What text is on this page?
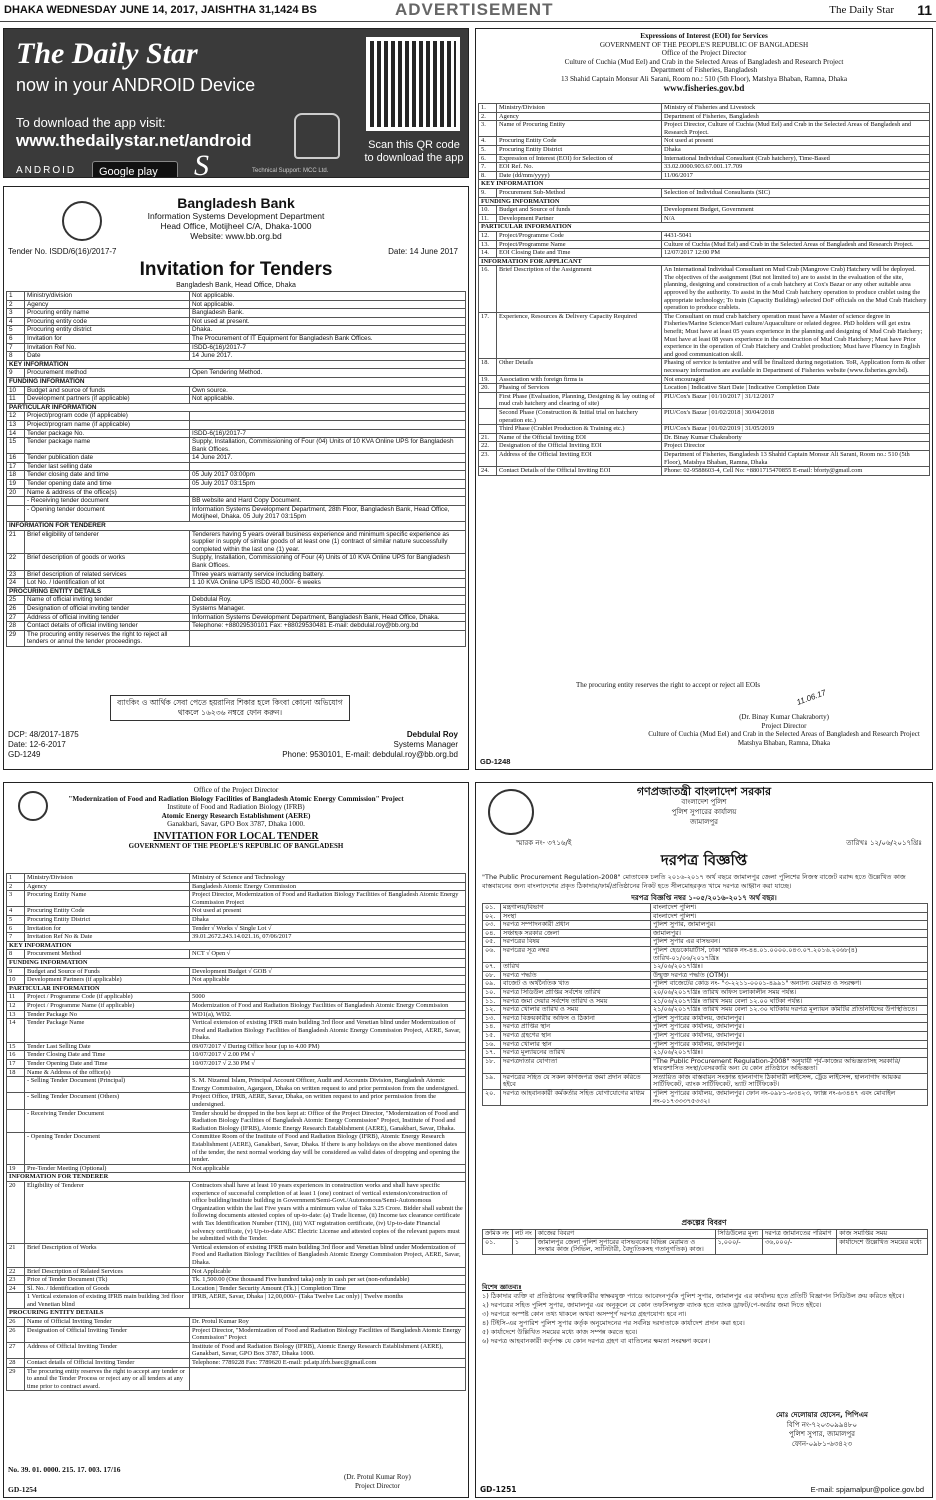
DHAKA WEDNESDAY JUNE 14, 2017, JAISHTHA 31,1424 BS	ADVERTISEMENT	The Daily Star 11
The Daily Star
now in your ANDROID Device
To download the app visit:
www.thedailystar.net/android
ANDROID	Google play	S
Scan this QR code to download the app
Technical Support: MCC Ltd.
Bangladesh Bank
Information Systems Development Department
Head Office, Motijheel C/A, Dhaka-1000
Website: www.bb.org.bd
Tender No. ISDD/6(16)/2017-7	Date: 14 June 2017
Invitation for Tenders
Bangladesh Bank, Head Office, Dhaka
1	Ministry/division	Not applicable.
2	Agency	Not applicable.
3	Procuring entity name	Bangladesh Bank.
4	Procuring entity code	Not used at present.
5	Procuring entity district	Dhaka.
6	Invitation for	The Procurement of IT Equipment for Bangladesh Bank Offices.
7	Invitation Ref No.	ISDD-6(16)/2017-7
8	Date	14 June 2017.
KEY INFORMATION		
9	Procurement method	Open Tendering Method.
FUNDING INFORMATION		
10	Budget and source of funds	Own source.
11	Development partners (if applicable)	Not applicable.
PARTICULAR INFORMATION		
12	Project/program code (if applicable)	
13	Project/program name (if applicable)	
14	Tender package No.	ISDD-6(16)/2017-7
15	Tender package name	Supply, Installation, Commissioning of Four (04) Units of 10 KVA Online UPS for Bangladesh Bank Offices.
16	Tender publication date	14 June 2017.
17	Tender last selling date	
18	Tender closing date and time	05 July 2017 03:00pm
19	Tender opening date and time	05 July 2017 03:15pm
20	Name & address of the office(s)	
	- Receiving tender document	BB website and Hard Copy Document.
	- Opening tender document	Information Systems Development Department, 28th Floor, Bangladesh Bank, Head Office, Motijheel, Dhaka. 05 July 2017 03:15pm
INFORMATION FOR TENDERER		
21	Brief eligibility of tenderer	Tenderers having 5 years overall business experience and minimum specific experience as supplier in supply of similar goods of at least one (1) contract of similar nature successfully completed within the last one (1) year.
22	Brief description of goods or works	Supply, Installation, Commissioning of Four (4) Units of 10 KVA Online UPS for Bangladesh Bank Offices.
23	Brief description of related services	Three years warranty service including battery.
24	Lot No. / Identification of lot	1 10 KVA Online UPS ISDD 40,000/- 6 weeks
PROCURING ENTITY DETAILS		
25	Name of official inviting tender	Debdulal Roy.
26	Designation of official inviting tender	Systems Manager.
27	Address of official inviting tender	Information Systems Development Department, Bangladesh Bank, Head Office, Dhaka.
28	Contact details of official inviting tender	Telephone: +88029530101 Fax: +88029530481 E-mail: debdulal.roy@bb.org.bd
29	The procuring entity reserves the right to reject all tenders or annul the tender proceedings.	
ব্যাংকিং ও আর্থিক সেবা পেতে হয়রানির শিকার হলে কিংবা কোনো অভিযোগ থাকলে ১৬২৩৬ নম্বরে ফোন করুন।
DCP: 48/2017-1875
Date: 12-6-2017
GD-1249
Debdulal Roy
Systems Manager
Phone: 9530101, E-mail: debdulal.roy@bb.org.bd
Expressions of Interest (EOI) for Services
GOVERNMENT OF THE PEOPLE'S REPUBLIC OF BANGLADESH
Office of the Project Director
Culture of Cuchia (Mud Eel) and Crab in the Selected Areas of Bangladesh and Research Project
Department of Fisheries, Bangladesh
13 Shahid Captain Monsur Ali Sarani, Room no.: 510 (5th Floor), Matshya Bhaban, Ramna, Dhaka
www.fisheries.gov.bd
1.	Ministry/Division	Ministry of Fisheries and Livestock
2.	Agency	Department of Fisheries, Bangladesh
3.	Name of Procuring Entity	Project Director, Culture of Cuchia (Mud Eel) and Crab in the Selected Areas of Bangladesh and Research Project.
4.	Procuring Entity Code	Not used at present
5.	Procuring Entity District	Dhaka
6.	Expression of Interest (EOI) for Selection of	International Individual Consultant (Crab hatchery), Time-Based
7.	EOI Ref. No.	33.02.0000.903.67.001.17.709
8.	Date (dd/mm/yyyy)	11/06/2017
KEY INFORMATION		
9.	Procurement Sub-Method	Selection of Individual Consultants (SIC)
FUNDING INFORMATION		
10.	Budget and Source of funds	Development Budget, Government
11.	Development Partner	N/A
PARTICULAR INFORMATION		
12.	Project/Programme Code	4431-5041
13.	Project/Programme Name	Culture of Cuchia (Mud Eel) and Crab in the Selected Areas of Bangladesh and Research Project.
14.	EOI Closing Date and Time	12/07/2017 12:00 PM
INFORMATION FOR APPLICANT		
16.	Brief Description of the Assignment	An International Individual Consultant on Mud Crab (Mangrove Crab) Hatchery will be deployed. The objectives of the assignment (But not limited to) are to assist in the evaluation of the site, planning, designing and construction of a crab hatchery at Cox's Bazar or any other suitable area approved by the authority. To assist in the Mud Crab hatchery operation to produce crablet using the appropriate technology; To train (Capacity Building) selected DoF officials on the Mud Crab Hatchery operation to produce crablets.
17.	Experience, Resources & Delivery Capacity Required	The Consultant on mud crab hatchery operation must have a Master of science degree in Fisheries/Marine Science/Mari culture/Aquaculture or related degree. PhD holders will get extra benefit; Must have at least 05 years experience in the planning and designing of Mud Crab Hatchery; Must have at least 08 years experience in the construction of Mud Crab Hatchery; Must have Prior experience in the operation of Crab Hatchery and Crablet production; Must have Fluency in English and good communication skill.
18.	Other Details	Phasing of service is tentative and will be finalized during negotiation. ToR, Application form & other necessary information are available in Department of Fisheries website (www.fisheries.gov.bd).
19.	Association with foreign firms is	Not encouraged
20.	Phasing of Services	Location | Indicative Start Date | Indicative Completion Date
	First Phase (Evaluation, Planning, Designing & lay outing of mud crab hatchery and clearing of site)	PIU/Cox's Bazar | 01/10/2017 | 31/12/2017
	Second Phase (Construction & Initial trial on hatchery operation etc.)	PIU/Cox's Bazar | 01/02/2018 | 30/04/2018
	Third Phase (Crablet Production & Training etc.)	PIU/Cox's Bazar | 01/02/2019 | 31/05/2019
21.	Name of the Official Inviting EOI	Dr. Binay Kumar Chakraborty
22.	Designation of the Official Inviting EOI	Project Director
23.	Address of the Official Inviting EOI	Department of Fisheries, Bangladesh 13 Shahid Captain Monsur Ali Sarani, Room no.: 510 (5th Floor), Matshya Bhaban, Ramna, Dhaka
24.	Contact Details of the Official Inviting EOI	Phone: 02-9588603-4, Cell No: +8801715470855 E-mail: bforty@gmail.com
The procuring entity reserves the right to accept or reject all EOIs
11.06.17
(Dr. Binay Kumar Chakraborty)
Project Director
Culture of Cuchia (Mud Eel) and Crab in the Selected Areas of Bangladesh and Research Project
Matshya Bhaban, Ramna, Dhaka
GD-1248
Office of the Project Director
"Modernization of Food and Radiation Biology Facilities of Bangladesh Atomic Energy Commission" Project
Institute of Food and Radiation Biology (IFRB)
Atomic Energy Research Establishment (AERE)
Ganakbari, Savar, GPO Box 3787, Dhaka 1000.
INVITATION FOR LOCAL TENDER
GOVERNMENT OF THE PEOPLE'S REPUBLIC OF BANGLADESH
1	Ministry/Division	Ministry of Science and Technology
2	Agency	Bangladesh Atomic Energy Commission
3	Procuring Entity Name	Project Director, Modernization of Food and Radiation Biology Facilities of Bangladesh Atomic Energy Commission Project
4	Procuring Entity Code	Not used at present
5	Procuring Entity District	Dhaka
6	Invitation for	Tender √ Works √ Single Lot √
7	Invitation Ref No & Date	39.01.2672.243.14.021.16, 07/06/2017
KEY INFORMATION		
8	Procurement Method	NCT √ Open √
FUNDING INFORMATION		
9	Budget and Source of Funds	Development Budget √ GOB √
10	Development Partners (if applicable)	Not applicable
PARTICULAR INFORMATION		
11	Project / Programme Code (if applicable)	5000
12	Project / Programme Name (if applicable)	Modernization of Food and Radiation Biology Facilities of Bangladesh Atomic Energy Commission
13	Tender Package No	WD1(a), WD2.
14	Tender Package Name	Vertical extension of existing IFRB main building 3rd floor and Venetian blind under Modernization of Food and Radiation Biology Facilities of Bangladesh Atomic Energy Commission Project, AERE, Savar, Dhaka.
15	Tender Last Selling Date	09/07/2017 √ During Office hour (up to 4.00 PM)
16	Tender Closing Date and Time	10/07/2017 √ 2.00 PM √
17	Tender Opening Date and Time	10/07/2017 √ 2.30 PM √
18	Name & Address of the office(s)	
	- Selling Tender Document (Principal)	S. M. Nizamul Islam, Principal Account Officer, Audit and Accounts Division, Bangladesh Atomic Energy Commission, Agargaon, Dhaka on written request to and prior permission from the undersigned.
	- Selling Tender Document (Others)	Project Office, IFRB, AERE, Savar, Dhaka, on written request to and prior permission from the undersigned.
	- Receiving Tender Document	Tender should be dropped in the box kept at: Office of the Project Director, "Modernization of Food and Radiation Biology Facilities of Bangladesh Atomic Energy Commission" Project, Institute of Food and Radiation Biology (IFRB), Atomic Energy Research Establishment (AERE), Ganakbari, Savar, Dhaka.
	- Opening Tender Document	Committee Room of the Institute of Food and Radiation Biology (IFRB), Atomic Energy Research Establishment (AERE), Ganakbari, Savar, Dhaka. If there is any holidays on the above mentioned dates of the tender, the next normal working day will be considered as valid dates of dropping and opening the tender.
19	Pre-Tender Meeting (Optional)	Not applicable
INFORMATION FOR TENDERER		
20	Eligibility of Tenderer	Contractors shall have at least 10 years experiences in construction works and shall have specific experience of successful completion of at least 1 (one) contract of vertical extension/construction of office building/institute building in Government/Semi-Govt./Autonomous/Semi-Autonomous Organization within the last Five years with a minimum value of Taka 3.25 Crore. Bidder shall submit the following documents attested copies of up-to-date: (a) Trade license, (ii) Income tax clearance certificate with Tax Identification Number (TIN), (iii) VAT registration certificate, (iv) Up-to-date Financial solvency certificate, (v) Up-to-date ABC Electric License and attested copies of the relevant papers must be submitted with the Tender.
21	Brief Description of Works	Vertical extension of existing IFRB main building 3rd floor and Venetian blind under Modernization of Food and Radiation Biology Facilities of Bangladesh Atomic Energy Commission Project, AERE, Savar, Dhaka.
22	Brief Description of Related Services	Not Applicable
23	Price of Tender Document (Tk)	Tk. 1,500.00 (One thousand Five hundred taka) only in cash per set (non-refundable)
24	Sl. No. / Identification of Goods	Location | Tender Security Amount (Tk.) | Completion Time
	1 Vertical extension of existing IFRB main building 3rd floor and Venetian blind	IFRB, AERE, Savar, Dhaka | 12,00,000/- (Taka Twelve Lac only) | Twelve months
PROCURING ENTITY DETAILS		
26	Name of Official Inviting Tender	Dr. Protul Kumar Roy
26	Designation of Official Inviting Tender	Project Director, "Modernization of Food and Radiation Biology Facilities of Bangladesh Atomic Energy Commission" Project
27	Address of Official Inviting Tender	Institute of Food and Radiation Biology (IFRB), Atomic Energy Research Establishment (AERE), Ganakbari, Savar, GPO Box 3787, Dhaka 1000.
28	Contact details of Official Inviting Tender	Telephone: 7789228 Fax: 7789620 E-mail: pd.atp.ifrb.baec@gmail.com
29	The procuring entity reserves the right to accept any tender or to annul the Tender Process or reject any or all tenders at any time prior to contract award.	
No. 39. 01. 0000. 215. 17. 003. 17/16
(Dr. Protul Kumar Roy)
Project Director
GD-1254
গণপ্রজাতন্ত্রী বাংলাদেশ সরকার
বাংলাদেশ পুলিশ
পুলিশ সুপারের কার্যালয়
জামালপুর
স্মারক নং- ৩৭১৬/ই	তারিখঃ ১২/০৬/২০১৭খ্রিঃ
দরপত্র বিজ্ঞপ্তি
"The Public Procurement Regulation-2008" মোতাবেক চলতি ২০১৬-২০১৭ অর্থ বছরে জামালপুর জেলা পুলিশের নিজস্ব বাজেট বরাদ্দ হতে উল্লেখিত কাজ বাস্তবায়নের জন্য বাংলাদেশের প্রকৃত ঠিকাদার/ফার্ম/প্রতিষ্ঠানের নিকট হতে সীলমোহরকৃত খামে দরপত্র আহ্বান করা যাচ্ছে।
দরপত্র বিজ্ঞপ্তি নম্বর ১-০৫/২০১৬-২০১৭ অর্থ বছর।
০১.	মন্ত্রণালয়/বিভাগ	বাংলাদেশ পুলিশ।
০২.	সংস্থা	বাংলাদেশ পুলিশ।
০৩.	দরপত্র সম্পাদনকারী প্রধান	পুলিশ সুপার, জামালপুর।
০৪.	সঞ্চাহক সরকার জেলা	জামালপুর।
০৫.	দরপত্রের বিষয়	পুলিশ সুপার এর বাসভবন।
০৬.	দরপত্রের সূত্র নম্বর	পুলিশ হেডকোয়ার্টার্স, ঢাকা স্মারক নং-৪৪.০১.০০০০.০৪৩.০৭.২০১৬.২০৬৮(৪) তারিখ-০১/০৬/২০১৭খ্রিঃ
০৭.	তারিখ	১২/০৬/২০১৭খ্রিঃ।
০৮.	দরপত্র পদ্ধতি	উন্মুক্ত দরপত্র পদ্ধতি (OTM)।
০৯.	বাজেট ও অর্থনৈতিক খাত	পুলিশ বাজেটের কোড নং- "৩-২২১১-০০০১-৪৯৯১" অন্যান্য মেরামত ও সংরক্ষণ।
১০.	দরপত্র সিডিউল প্রাপ্তির সর্বশেষ তারিখ	২০/০৬/২০১৭খ্রিঃ তারিখ অফিস চলাকালীন সময় পর্যন্ত।
১১.	দরপত্র জমা দেয়ার সর্বশেষ তারিখ ও সময়	২১/০৬/২০১৭খ্রিঃ তারিখ সময় বেলা ১২.০০ ঘটিকা পর্যন্ত।
১২.	দরপত্র খোলার তারিখ ও সময়	২১/০৬/২০১৭খ্রিঃ তারিখ সময় বেলা ১২.৩০ ঘটিকায় দরপত্র মূল্যায়ন কমিটির প্রতিনিধিদের উপস্থিতিতে।
১৩.	দরপত্র বিক্রয়কারীর অফিস ও ঠিকানা	পুলিশ সুপারের কার্যালয়, জামালপুর।
১৪.	দরপত্র প্রাপ্তির স্থান	পুলিশ সুপারের কার্যালয়, জামালপুর।
১৫.	দরপত্র গ্রহণের স্থান	পুলিশ সুপারের কার্যালয়, জামালপুর।
১৬.	দরপত্র খোলার স্থান	পুলিশ সুপারের কার্যালয়, জামালপুর।
১৭.	দরপত্র মূল্যায়নের তারিখ	২১/০৬/২০১৭খ্রিঃ।
১৮.	দরপত্রদাতার যোগ্যতা	"The Public Procurement Regulation-2008" অনুযায়ী পূর্ব-কাজের অভিজ্ঞতাসহ সরকারি/স্বায়ত্তশাসিত সংস্থা/বেসরকারি অন্য যে কোন প্রতিষ্ঠানে অভিজ্ঞতা।
১৯.	দরপত্রের সহিত যে সকল কাগজপত্র জমা প্রদান করিতে হইবে	সত্যায়িত কাজ বাস্তবায়ন সংক্রান্ত হালনাগাদ ঠিকাদারী লাইসেন্স, ট্রেড লাইসেন্স, হালনাগাদ আয়কর সার্টিফিকেট, ব্যাংক সার্টিফিকেট, ভ্যাট সার্টিফিকেট।
২০.	দরপত্র আহবানকারী কর্মকর্তার সহিত যোগাযোগের মাধ্যম	পুলিশ সুপারের কার্যালয়, জামালপুর। ফোন নং-০৯৮১-৬৩৪২৩, ফ্যাক্স নং-৬৩৪৪৭ এবং মোবাইল নং-০১৭৩৩৩৭৫৩৩২।
প্রকল্পের বিবরণ
ক্রমিক নং	লট নং	কাজের বিবরণ	সিডিউলের মূল্য	দরপত্র জামানতের পরিমাণ	কাজ সমাপ্তির সময়
০১.	১	জামালপুর জেলা পুলিশ সুপারের বাসভবনের বিভিন্ন মেরামত ও সংস্কার কাজ (সিভিল, স্যানিটারী, বৈদ্যুতিকসহ গতানুগতিক) কাজ।	১,০০০/-	৩৬,০০০/-	কার্যাদেশে উল্লেখিত সময়ের মধ্যে
বিশেষ জ্ঞাতব্যঃ
১) ঠিকাদার ব্যক্তি বা প্রতিষ্ঠানের স্বত্বাধিকারীর স্বাক্ষরযুক্ত প্যাডে আবেদনপূর্বক পুলিশ সুপার, জামালপুর এর কার্যালয় হতে প্রতিটি বিজ্ঞাপন সিডিউল ক্রয় করিতে হইবে।
২) দরপত্রের সহিত পুলিশ সুপার, জামালপুর এর অনুকূলে যে কোন তফসিলভুক্ত ব্যাংক হতে ব্যাংক ড্রাফট/পে-অর্ডার জমা দিতে হইবে।
৩) দরপত্রে অস্পষ্ট কোন তথ্য থাকলে অথবা অসম্পূর্ণ দরপত্র গ্রহণযোগ্য হবে না।
৪) টিইসি-এর সুপারিশ পুলিশ সুপার কর্তৃক অনুমোদনের পর সর্বনিম্ন দরদাতাকে কার্যাদেশ প্রদান করা হবে।
৫) কার্যাদেশে উল্লিখিত সময়ের মধ্যে কাজ সম্পন্ন করতে হবে।
৬) দরপত্র আহবানকারী কর্তৃপক্ষ যে কোন দরপত্র গ্রহণ বা বাতিলের ক্ষমতা সংরক্ষণ করেন।
মোঃ দেলোয়ার হোসেন, পিপিএম
বিপি নং-৭২০৩০৯৯৪৮০
পুলিশ সুপার, জামালপুর
ফোন-০৯৮১-৬৩৪২৩
GD-1251	E-mail: spjamalpur@police.gov.bd
